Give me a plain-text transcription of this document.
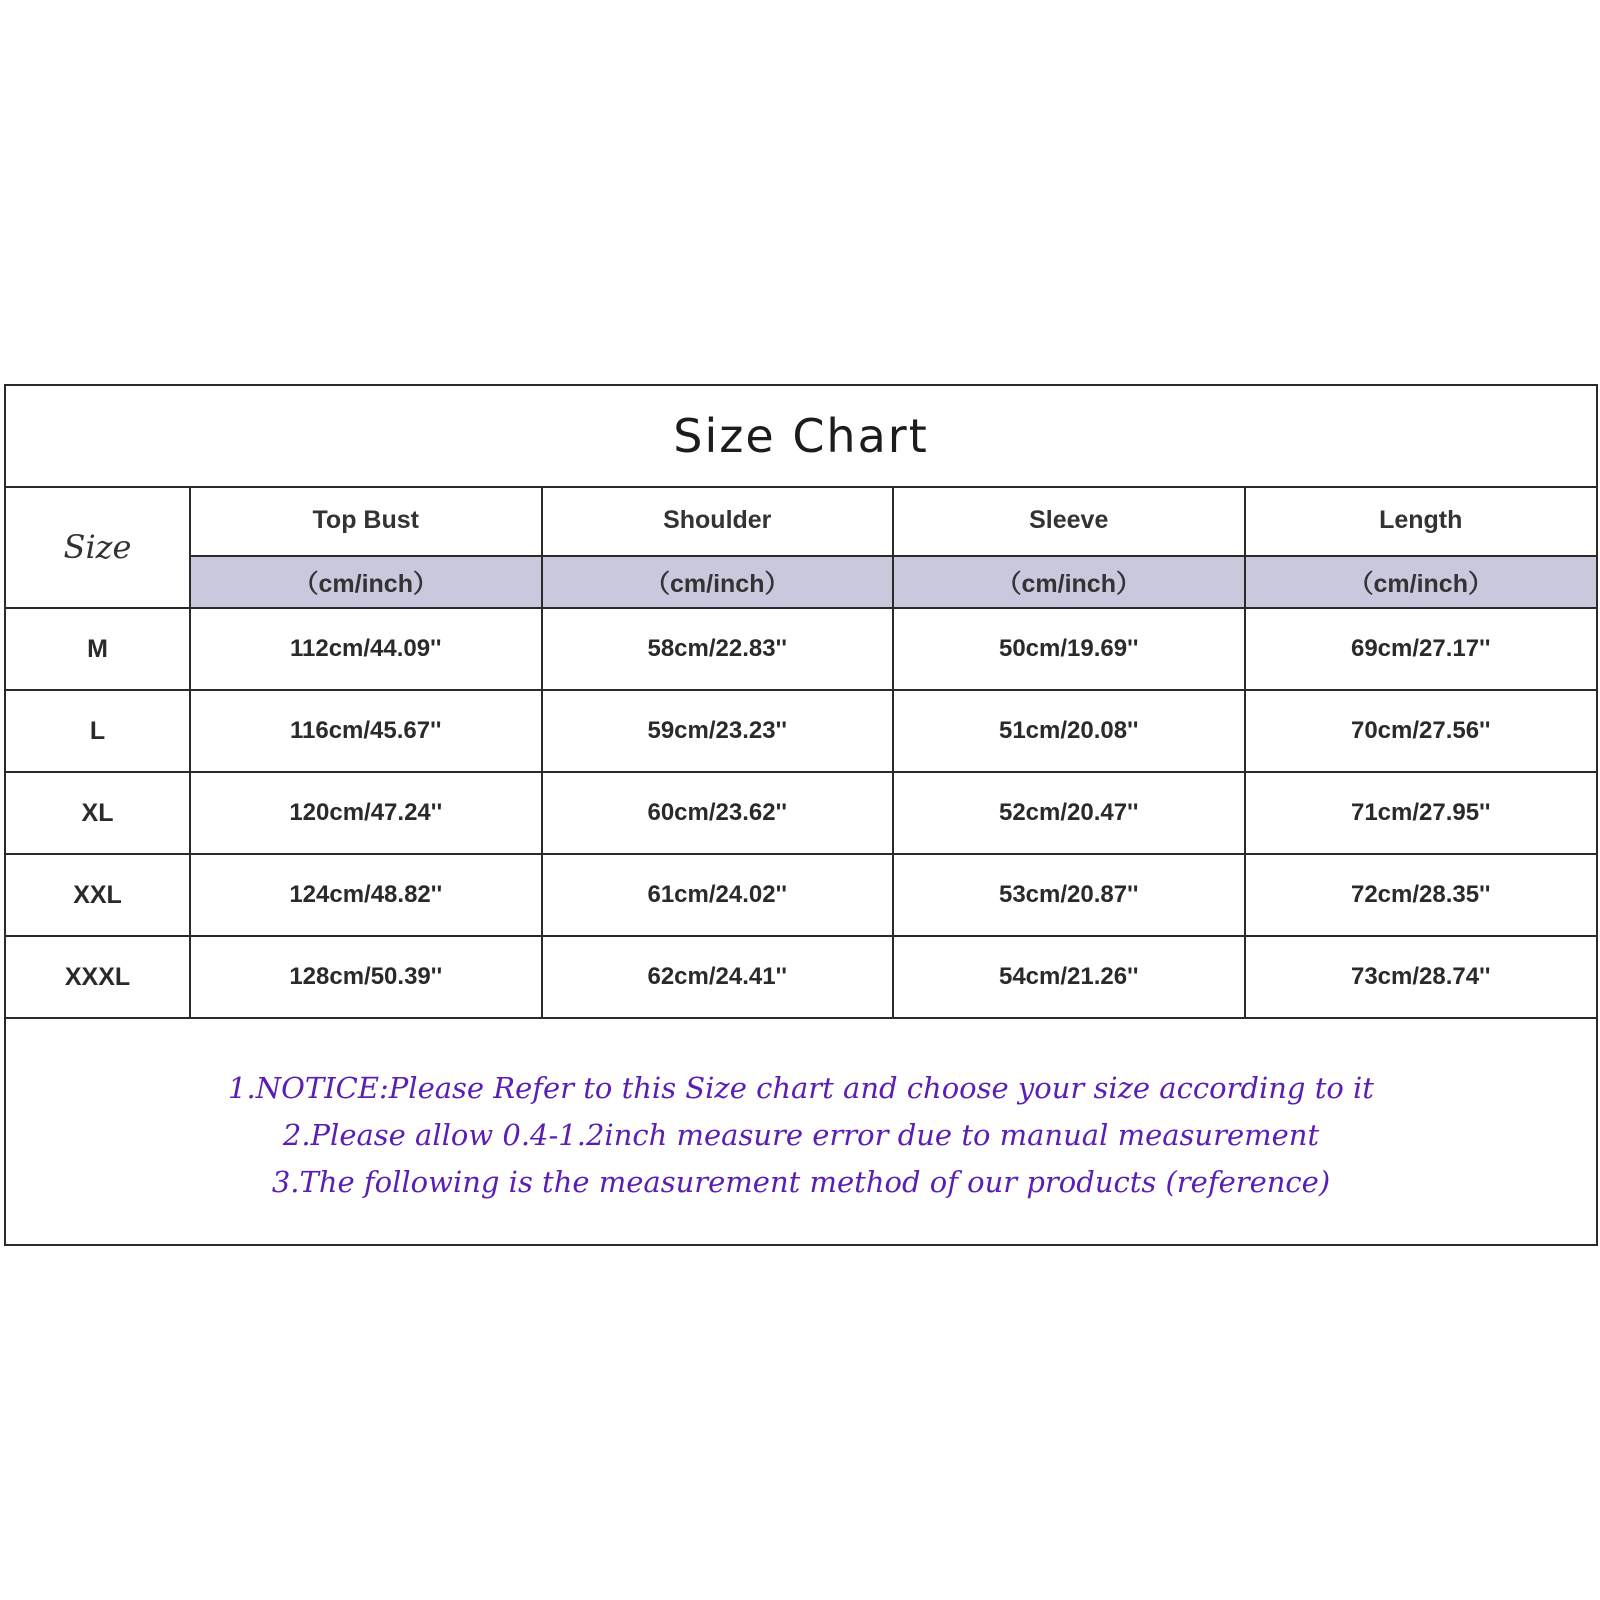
Size Chart
Size	Top Bust	Shoulder	Sleeve	Length
	（cm/inch）	（cm/inch）	（cm/inch）	（cm/inch）
M	112cm/44.09''	58cm/22.83''	50cm/19.69''	69cm/27.17''
L	116cm/45.67''	59cm/23.23''	51cm/20.08''	70cm/27.56''
XL	120cm/47.24''	60cm/23.62''	52cm/20.47''	71cm/27.95''
XXL	124cm/48.82''	61cm/24.02''	53cm/20.87''	72cm/28.35''
XXXL	128cm/50.39''	62cm/24.41''	54cm/21.26''	73cm/28.74''

1.NOTICE:Please Refer to this Size chart and choose your size according to it

2.Please allow 0.4-1.2inch measure error due to manual measurement

3.The following is the measurement method of our products (reference)
